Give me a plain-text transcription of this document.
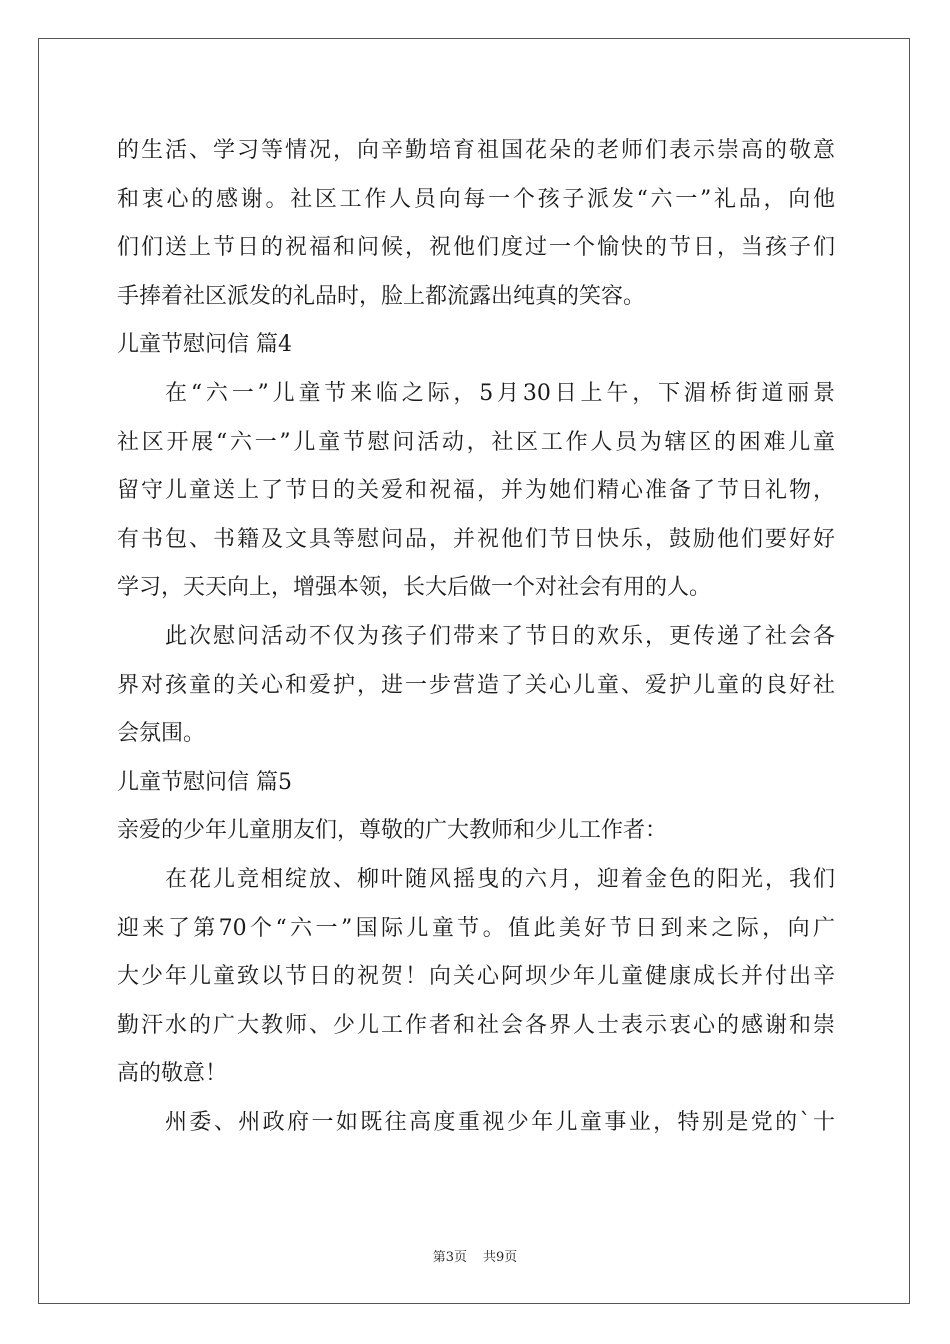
的生活、学习等情况，向辛勤培育祖国花朵的老师们表示崇高的敬意
和衷心的感谢。社区工作人员向每一个孩子派发“六一”礼品，向他
们们送上节日的祝福和问候，祝他们度过一个愉快的节日，当孩子们
手捧着社区派发的礼品时，脸上都流露出纯真的笑容。
儿童节慰问信 篇4
在“六一”儿童节来临之际，5月30日上午，下湄桥街道丽景
社区开展“六一”儿童节慰问活动，社区工作人员为辖区的困难儿童
留守儿童送上了节日的关爱和祝福，并为她们精心准备了节日礼物，
有书包、书籍及文具等慰问品，并祝他们节日快乐，鼓励他们要好好
学习，天天向上，增强本领，长大后做一个对社会有用的人。
此次慰问活动不仅为孩子们带来了节日的欢乐，更传递了社会各
界对孩童的关心和爱护，进一步营造了关心儿童、爱护儿童的良好社
会氛围。
儿童节慰问信 篇5
亲爱的少年儿童朋友们，尊敬的广大教师和少儿工作者：
在花儿竞相绽放、柳叶随风摇曳的六月，迎着金色的阳光，我们
迎来了第70个“六一”国际儿童节。值此美好节日到来之际，向广
大少年儿童致以节日的祝贺！向关心阿坝少年儿童健康成长并付出辛
勤汗水的广大教师、少儿工作者和社会各界人士表示衷心的感谢和崇
高的敬意！
州委、州政府一如既往高度重视少年儿童事业，特别是党的`十
第3页 共9页
